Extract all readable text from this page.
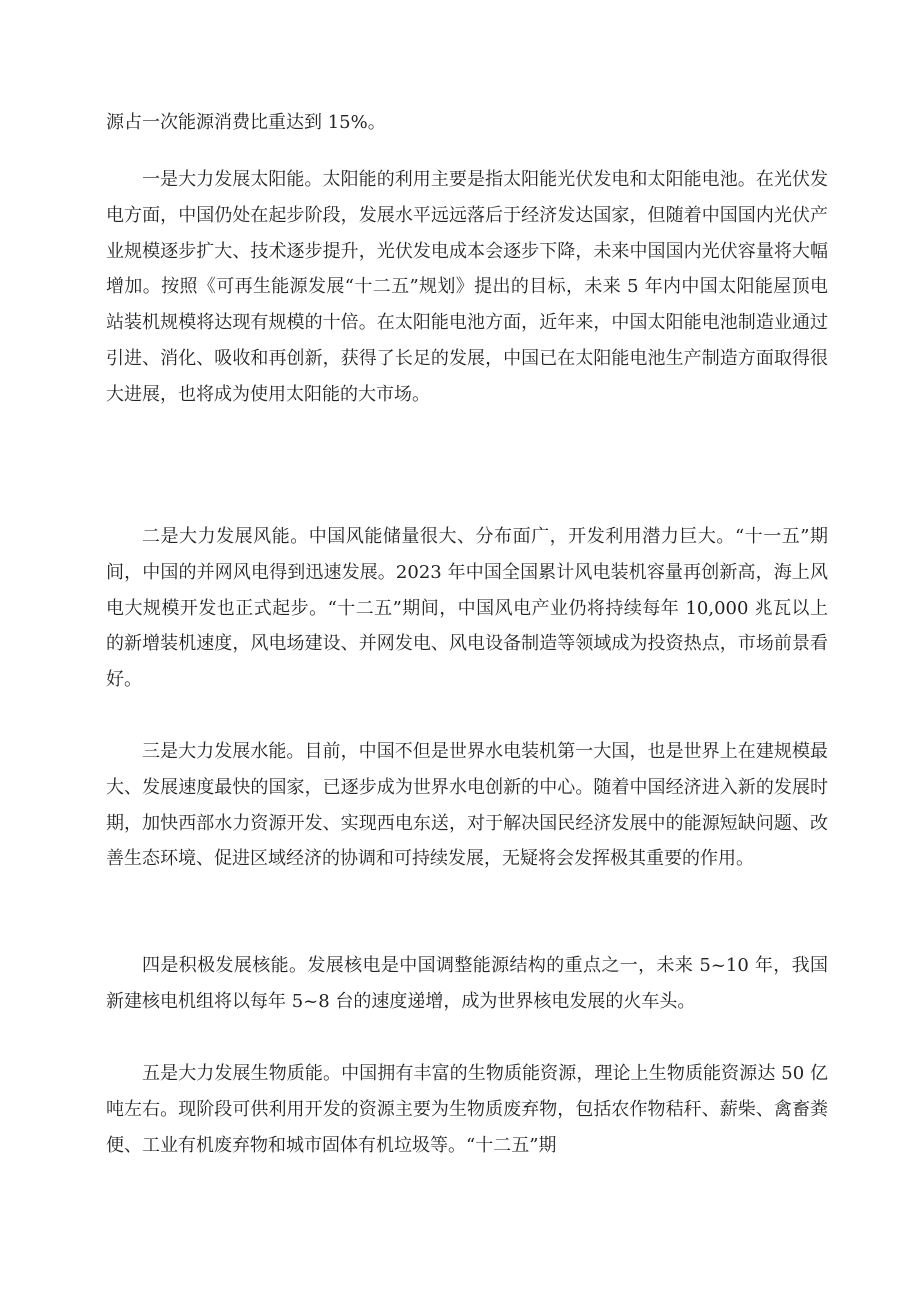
源占一次能源消费比重达到 15%。

一是大力发展太阳能。太阳能的利用主要是指太阳能光伏发电和太阳能电池。在光伏发电方面，中国仍处在起步阶段，发展水平远远落后于经济发达国家，但随着中国国内光伏产业规模逐步扩大、技术逐步提升，光伏发电成本会逐步下降，未来中国国内光伏容量将大幅增加。按照《可再生能源发展“十二五”规划》提出的目标，未来 5 年内中国太阳能屋顶电站装机规模将达现有规模的十倍。在太阳能电池方面，近年来，中国太阳能电池制造业通过引进、消化、吸收和再创新，获得了长足的发展，中国已在太阳能电池生产制造方面取得很大进展，也将成为使用太阳能的大市场。

二是大力发展风能。中国风能储量很大、分布面广，开发利用潜力巨大。“十一五”期间，中国的并网风电得到迅速发展。2023 年中国全国累计风电装机容量再创新高，海上风电大规模开发也正式起步。“十二五”期间，中国风电产业仍将持续每年 10,000 兆瓦以上的新增装机速度，风电场建设、并网发电、风电设备制造等领域成为投资热点，市场前景看好。

三是大力发展水能。目前，中国不但是世界水电装机第一大国，也是世界上在建规模最大、发展速度最快的国家，已逐步成为世界水电创新的中心。随着中国经济进入新的发展时期，加快西部水力资源开发、实现西电东送，对于解决国民经济发展中的能源短缺问题、改善生态环境、促进区域经济的协调和可持续发展，无疑将会发挥极其重要的作用。

四是积极发展核能。发展核电是中国调整能源结构的重点之一，未来 5~10 年，我国新建核电机组将以每年 5~8 台的速度递增，成为世界核电发展的火车头。

五是大力发展生物质能。中国拥有丰富的生物质能资源，理论上生物质能资源达 50 亿吨左右。现阶段可供利用开发的资源主要为生物质废弃物，包括农作物秸秆、薪柴、禽畜粪便、工业有机废弃物和城市固体有机垃圾等。“十二五”期
